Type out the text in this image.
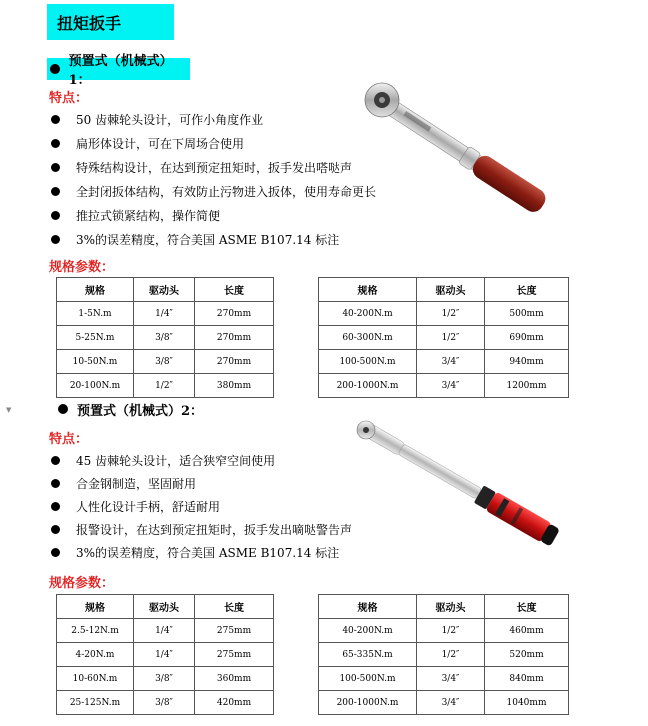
扭矩扳手
预置式（机械式）1：
特点：
50 齿棘轮头设计，可作小角度作业
扁形体设计，可在下周场合使用
特殊结构设计，在达到预定扭矩时，扳手发出嗒哒声
全封闭扳体结构，有效防止污物进入扳体，使用寿命更长
推拉式锁紧结构，操作简便
3%的误差精度，符合美国 ASME B107.14 标注
规格参数：
规格	驱动头	长度
1-5N.m	1/4″	270mm
5-25N.m	3/8″	270mm
10-50N.m	3/8″	270mm
20-100N.m	1/2″	380mm
规格	驱动头	长度
40-200N.m	1/2″	500mm
60-300N.m	1/2″	690mm
100-500N.m	3/4″	940mm
200-1000N.m	3/4″	1200mm
▼	预置式（机械式）2：
特点：
45 齿棘轮头设计，适合狭窄空间使用
合金钢制造，坚固耐用
人性化设计手柄，舒适耐用
报警设计，在达到预定扭矩时，扳手发出嘀哒警告声
3%的误差精度，符合美国 ASME B107.14 标注
规格参数：
规格	驱动头	长度
2.5-12N.m	1/4″	275mm
4-20N.m	1/4″	275mm
10-60N.m	3/8″	360mm
25-125N.m	3/8″	420mm
规格	驱动头	长度
40-200N.m	1/2″	460mm
65-335N.m	1/2″	520mm
100-500N.m	3/4″	840mm
200-1000N.m	3/4″	1040mm
